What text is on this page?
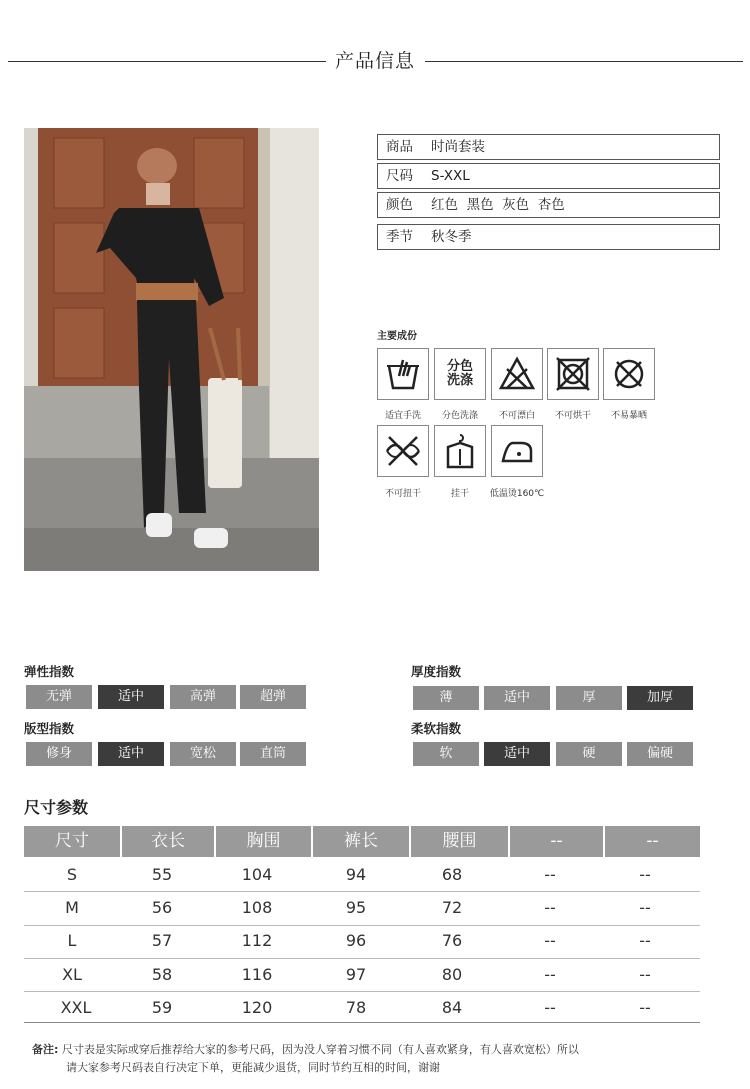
产品信息
商品 时尚套装
尺码 S-XXL
颜色 红色  黑色  灰色  杏色
季节 秋冬季
主要成份
适宜手洗
分色
洗涤
分色洗涤	不可漂白	不可烘干	不易暴晒
不可扭干	挂干	低温烫160℃
弹性指数
无弹	适中	高弹	超弹
版型指数
修身	适中	宽松	直筒
厚度指数
薄	适中	厚	加厚
柔软指数
软	适中	硬	偏硬
尺寸参数
尺寸	衣长	胸围	裤长	腰围	--	--
S	55	104	94	68	--	--
M	56	108	95	72	--	--
L	57	112	96	76	--	--
XL	58	116	97	80	--	--
XXL	59	120	78	84	--	--
备注: 尺寸表是实际或穿后推荐给大家的参考尺码，因为没人穿着习惯不同（有人喜欢紧身，有人喜欢宽松）所以
请大家参考尺码表自行决定下单，更能减少退货，同时节约互相的时间，谢谢
